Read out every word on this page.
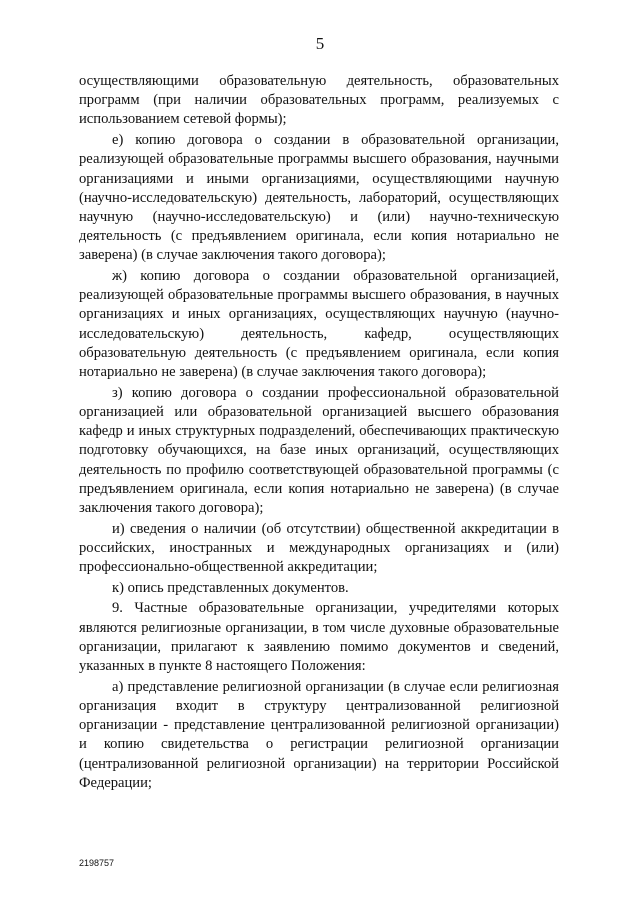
5

осуществляющими образовательную деятельность, образовательных программ (при наличии образовательных программ, реализуемых с использованием сетевой формы);

е) копию договора о создании в образовательной организации, реализующей образовательные программы высшего образования, научными организациями и иными организациями, осуществляющими научную (научно-исследовательскую) деятельность, лабораторий, осуществляющих научную (научно-исследовательскую) и (или) научно-техническую деятельность (с предъявлением оригинала, если копия нотариально не заверена) (в случае заключения такого договора);

ж) копию договора о создании образовательной организацией, реализующей образовательные программы высшего образования, в научных организациях и иных организациях, осуществляющих научную (научно-исследовательскую) деятельность, кафедр, осуществляющих образовательную деятельность (с предъявлением оригинала, если копия нотариально не заверена) (в случае заключения такого договора);

з) копию договора о создании профессиональной образовательной организацией или образовательной организацией высшего образования кафедр и иных структурных подразделений, обеспечивающих практическую подготовку обучающихся, на базе иных организаций, осуществляющих деятельность по профилю соответствующей образовательной программы (с предъявлением оригинала, если копия нотариально не заверена) (в случае заключения такого договора);

и) сведения о наличии (об отсутствии) общественной аккредитации в российских, иностранных и международных организациях и (или) профессионально-общественной аккредитации;

к) опись представленных документов.

9. Частные образовательные организации, учредителями которых являются религиозные организации, в том числе духовные образовательные организации, прилагают к заявлению помимо документов и сведений, указанных в пункте 8 настоящего Положения:

а) представление религиозной организации (в случае если религиозная организация входит в структуру централизованной религиозной организации - представление централизованной религиозной организации) и копию свидетельства о регистрации религиозной организации (централизованной религиозной организации) на территории Российской Федерации;

2198757
